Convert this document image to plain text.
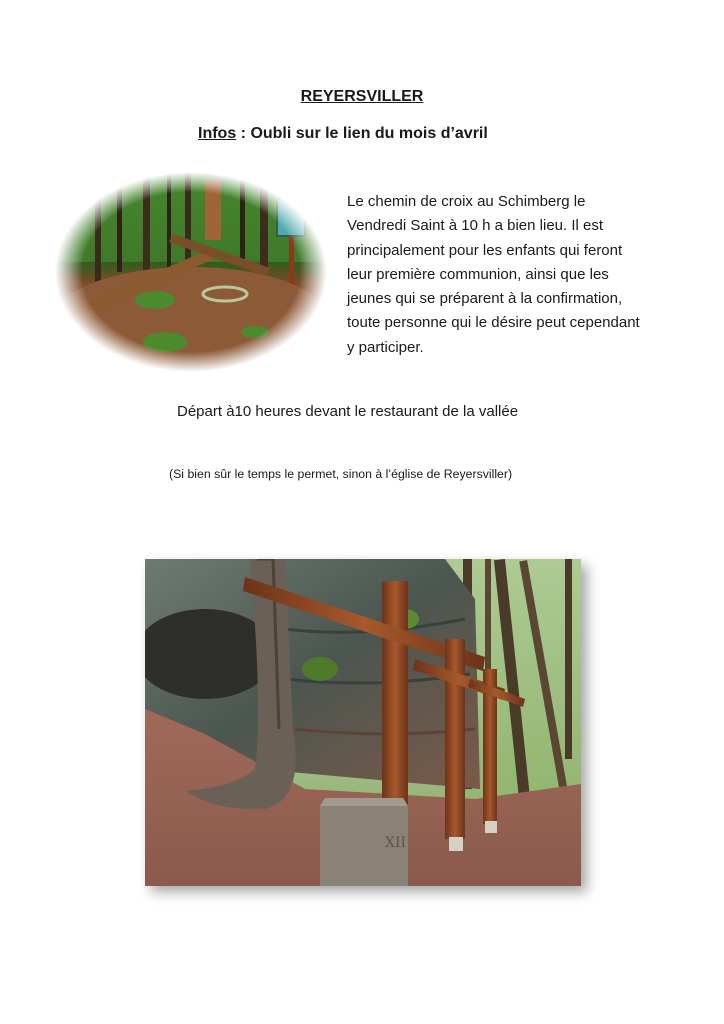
REYERSVILLER
Infos : Oubli sur le lien du mois d’avril

Le chemin de croix au Schimberg le Vendredi Saint à 10 h a bien lieu. Il est principalement pour les enfants qui feront leur première communion, ainsi que les jeunes qui se préparent à la confirmation, toute personne qui le désire peut cependant y participer.

Départ à10 heures devant le restaurant de la vallée
(Si bien sûr le temps le permet, sinon à l’église de Reyersviller)
XII
